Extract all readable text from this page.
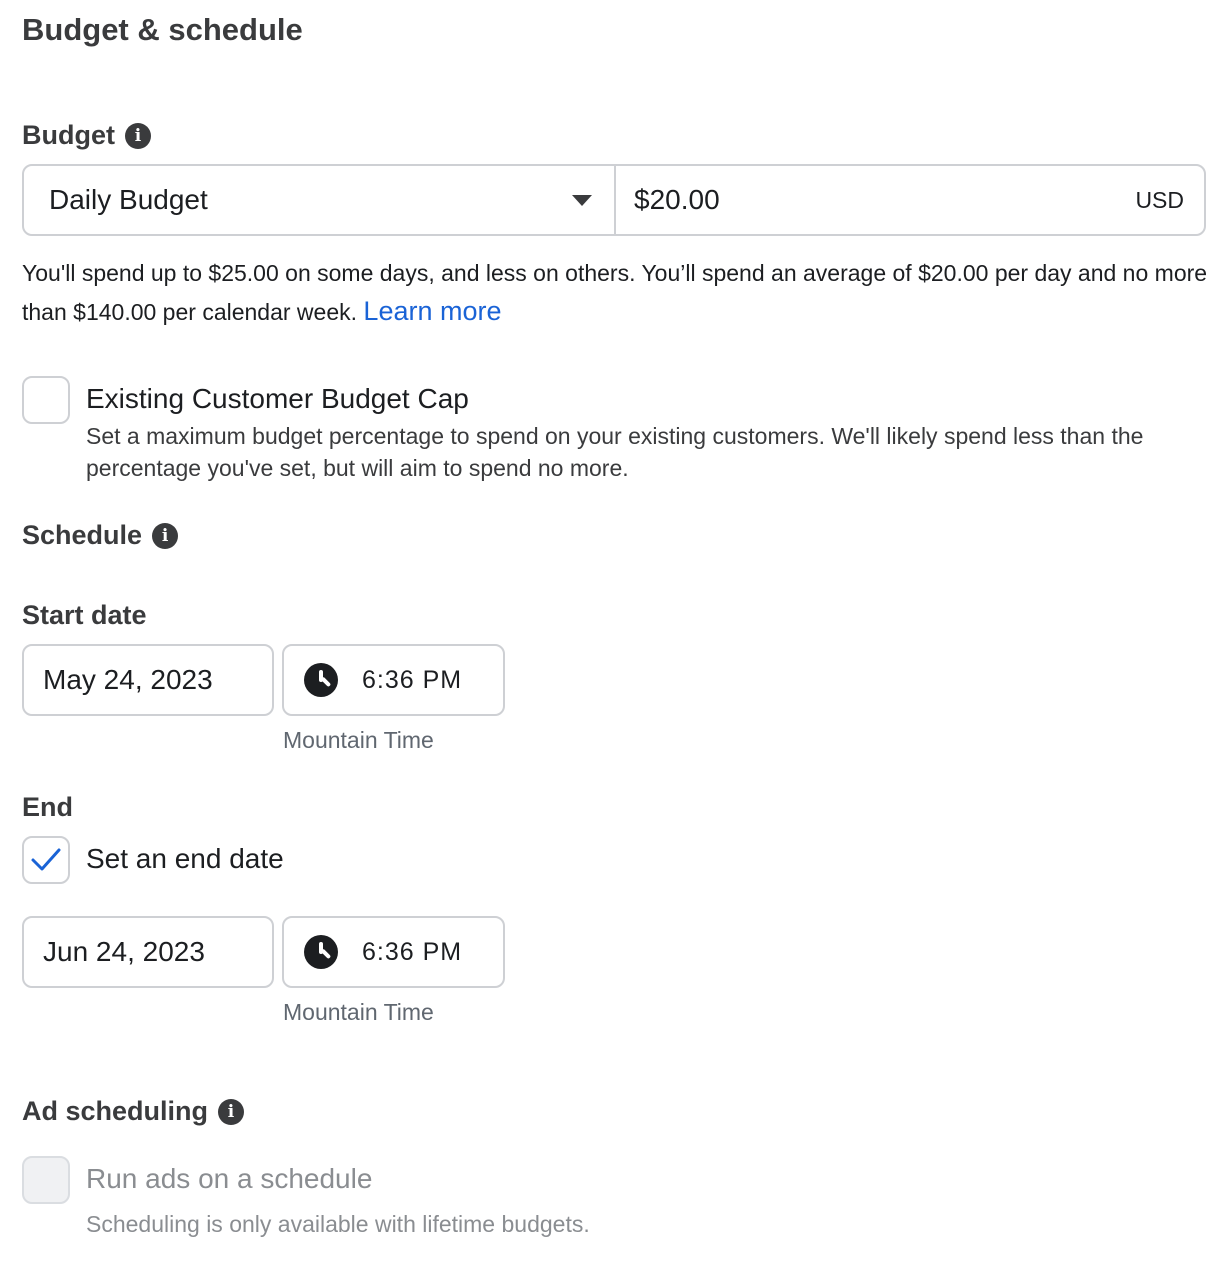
Budget & schedule
Budget	i
Daily Budget
$20.00	USD
You'll spend up to $25.00 on some days, and less on others. You’ll spend an average of $20.00 per day and no more than $140.00 per calendar week. Learn more
Existing Customer Budget Cap
Set a maximum budget percentage to spend on your existing customers. We'll likely spend less than the percentage you've set, but will aim to spend no more.
Schedule	i
Start date
May 24, 2023	6:36 PM
Mountain Time
End
Set an end date
Jun 24, 2023	6:36 PM
Mountain Time
Ad scheduling	i
Run ads on a schedule
Scheduling is only available with lifetime budgets.
